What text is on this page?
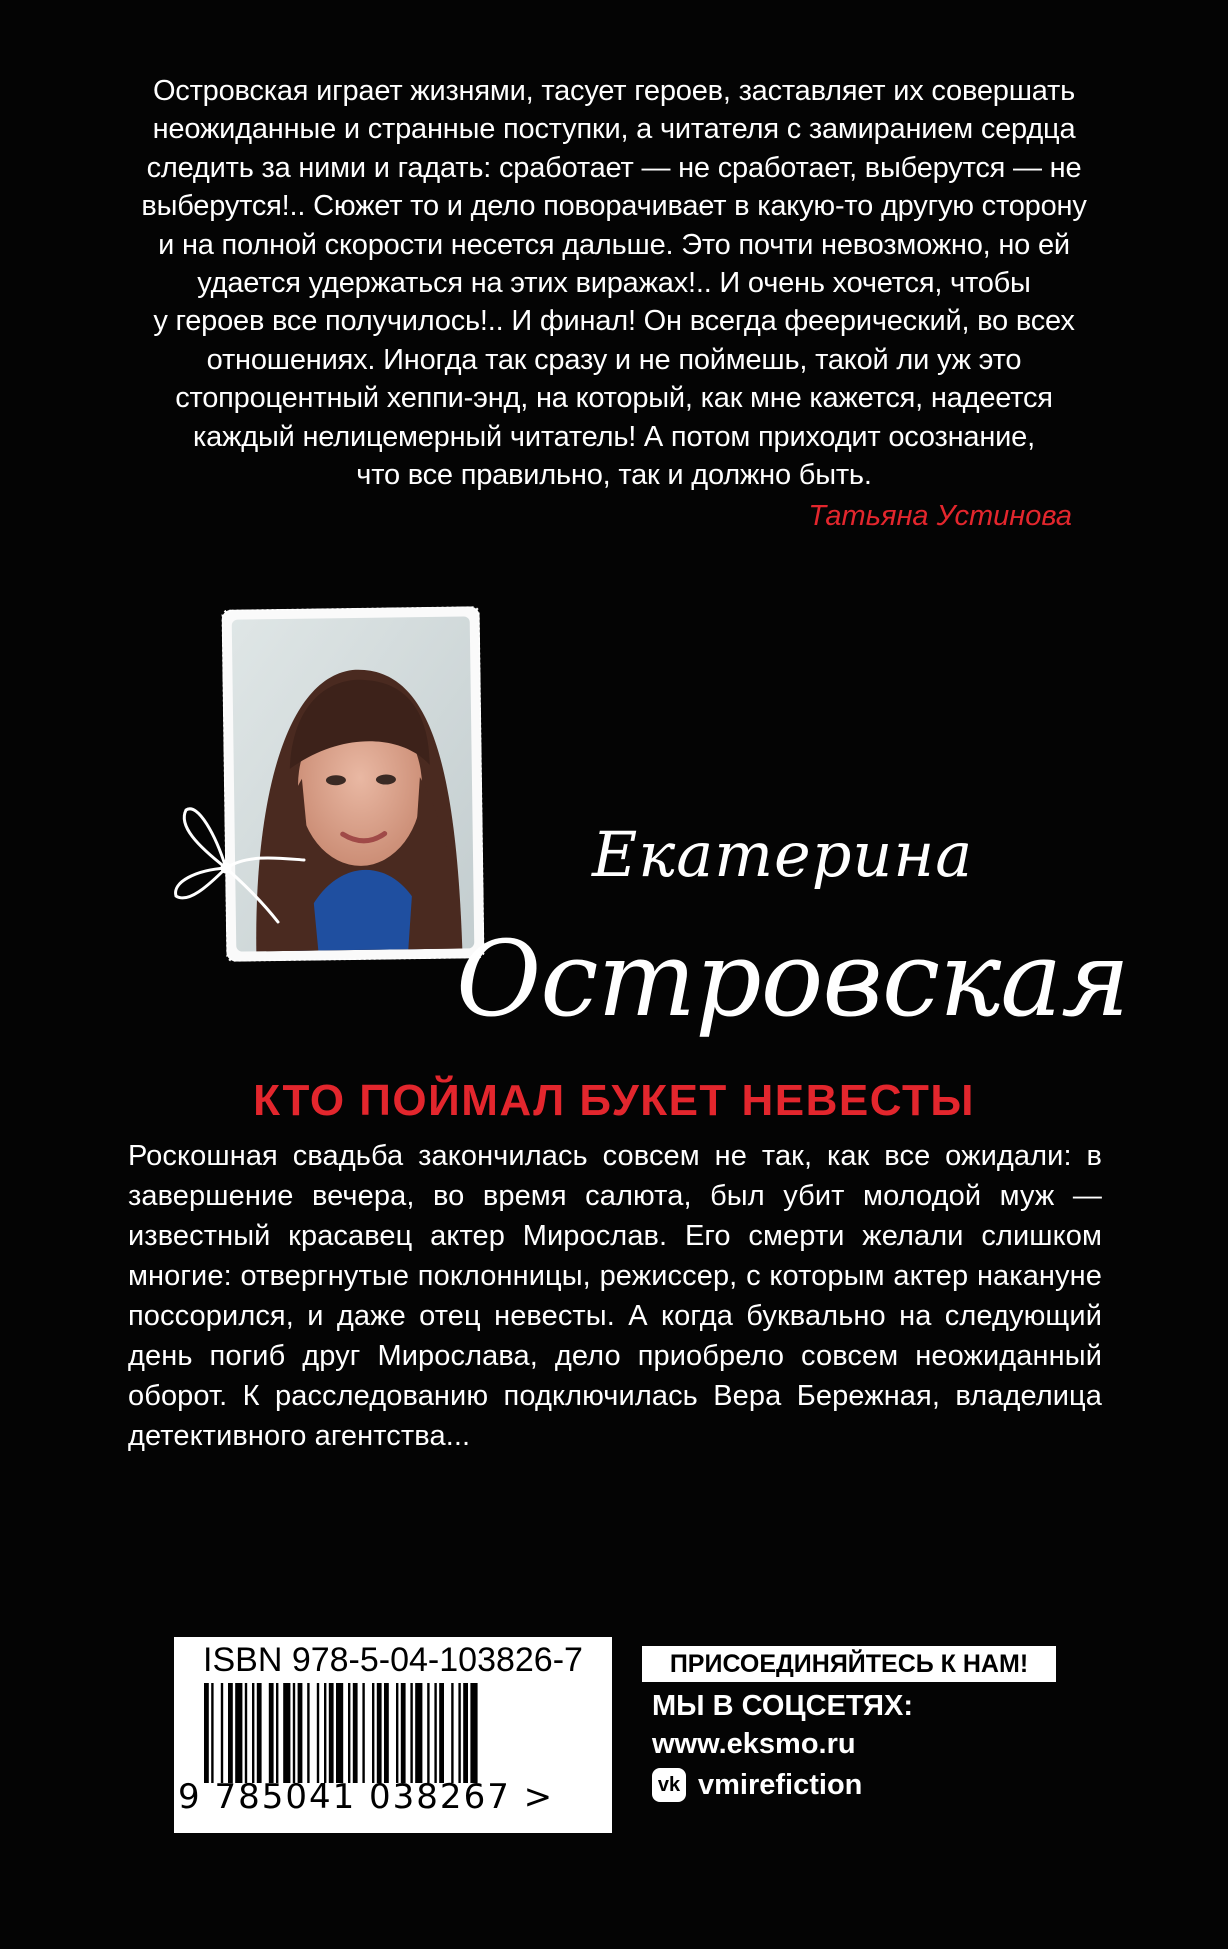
Островская играет жизнями, тасует героев, заставляет их совершать

неожиданные и странные поступки, а читателя с замиранием сердца

следить за ними и гадать: сработает — не сработает, выберутся — не

выберутся!.. Сюжет то и дело поворачивает в какую-то другую сторону

и на полной скорости несется дальше. Это почти невозможно, но ей

удается удержаться на этих виражах!.. И очень хочется, чтобы

у героев все получилось!.. И финал! Он всегда феерический, во всех

отношениях. Иногда так сразу и не поймешь, такой ли уж это

стопроцентный хеппи-энд, на который, как мне кажется, надеется

каждый нелицемерный читатель! А потом приходит осознание,

что все правильно, так и должно быть.

Татьяна Устинова
Екатерина
Островская
КТО ПОЙМАЛ БУКЕТ НЕВЕСТЫ

Роскошная свадьба закончилась совсем не так, как все ожидали: в завершение вечера, во время салюта, был убит молодой муж — известный красавец актер Мирослав. Его смерти желали слишком многие: отвергнутые поклонницы, режиссер, с которым актер накануне поссорился, и даже отец невесты. А когда буквально на следующий день погиб друг Мирослава, дело приобрело совсем неожиданный оборот. К расследованию подключилась Вера Бережная, владелица детективного агентства...

ISBN 978-5-04-103826-7
9 785041 038267 >
ПРИСОЕДИНЯЙТЕСЬ К НАМ!
МЫ В СОЦСЕТЯХ:
www.eksmo.ru
vk vmirefiction
